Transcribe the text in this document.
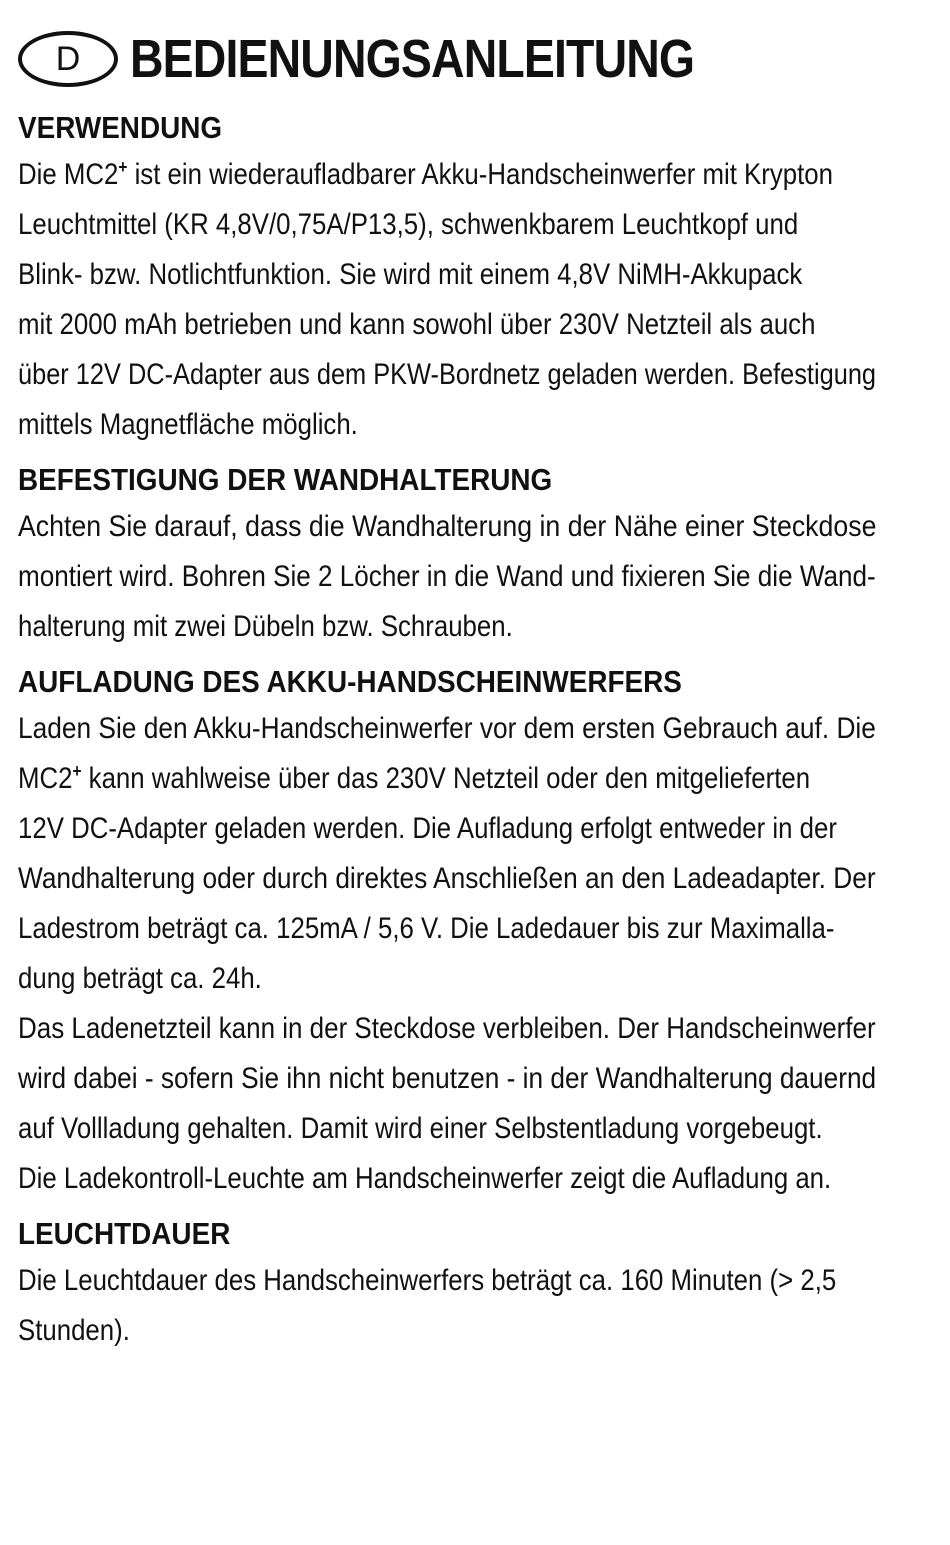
D BEDIENUNGSANLEITUNG
VERWENDUNG
Die MC2+ ist ein wiederaufladbarer Akku-Handscheinwerfer mit Krypton
Leuchtmittel (KR 4,8V/0,75A/P13,5), schwenkbarem Leuchtkopf und
Blink- bzw. Notlichtfunktion. Sie wird mit einem 4,8V NiMH-Akkupack
mit 2000 mAh betrieben und kann sowohl über 230V Netzteil als auch
über 12V DC-Adapter aus dem PKW-Bordnetz geladen werden. Befestigung
mittels Magnetfläche möglich.
BEFESTIGUNG DER WANDHALTERUNG
Achten Sie darauf, dass die Wandhalterung in der Nähe einer Steckdose
montiert wird. Bohren Sie 2 Löcher in die Wand und fixieren Sie die Wand-
halterung mit zwei Dübeln bzw. Schrauben.
AUFLADUNG DES AKKU-HANDSCHEINWERFERS
Laden Sie den Akku-Handscheinwerfer vor dem ersten Gebrauch auf. Die
MC2+ kann wahlweise über das 230V Netzteil oder den mitgelieferten
12V DC-Adapter geladen werden. Die Aufladung erfolgt entweder in der
Wandhalterung oder durch direktes Anschließen an den Ladeadapter. Der
Ladestrom beträgt ca. 125mA / 5,6 V. Die Ladedauer bis zur Maximalla-
dung beträgt ca. 24h.
Das Ladenetzteil kann in der Steckdose verbleiben. Der Handscheinwerfer
wird dabei - sofern Sie ihn nicht benutzen - in der Wandhalterung dauernd
auf Vollladung gehalten. Damit wird einer Selbstentladung vorgebeugt.
Die Ladekontroll-Leuchte am Handscheinwerfer zeigt die Aufladung an.
LEUCHTDAUER
Die Leuchtdauer des Handscheinwerfers beträgt ca. 160 Minuten (> 2,5
Stunden).
